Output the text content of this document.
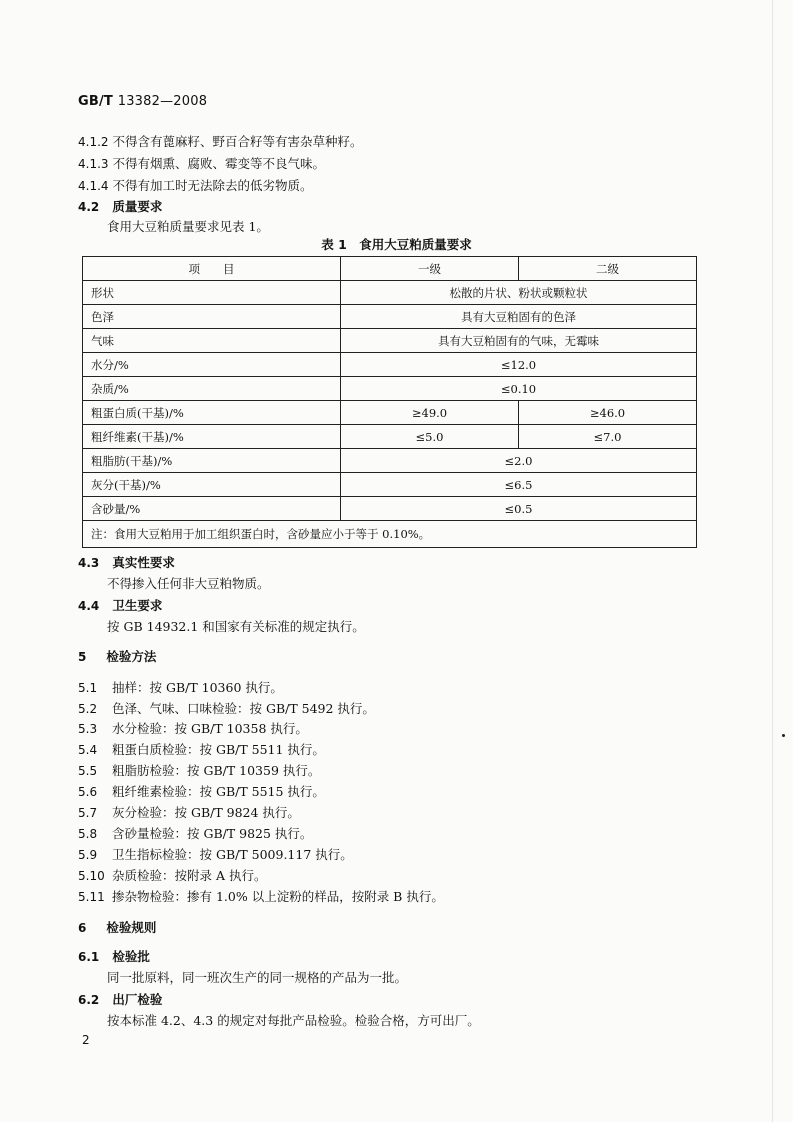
GB/T 13382—2008
4.1.2 不得含有蓖麻籽、野百合籽等有害杂草种籽。
4.1.3 不得有烟熏、腐败、霉变等不良气味。
4.1.4 不得有加工时无法除去的低劣物质。
4.2 质量要求
食用大豆粕质量要求见表 1。
表 1　食用大豆粕质量要求
项　　目	一级	二级
形状	松散的片状、粉状或颗粒状	
色泽	具有大豆粕固有的色泽	
气味	具有大豆粕固有的气味，无霉味	
水分/%	≤12.0	
杂质/%	≤0.10	
粗蛋白质(干基)/%	≥49.0	≥46.0
粗纤维素(干基)/%	≤5.0	≤7.0
粗脂肪(干基)/%	≤2.0	
灰分(干基)/%	≤6.5	
含砂量/%	≤0.5	
注：食用大豆粕用于加工组织蛋白时，含砂量应小于等于 0.10%。		
4.3 真实性要求
不得掺入任何非大豆粕物质。
4.4 卫生要求
按 GB 14932.1 和国家有关标准的规定执行。
5 检验方法
5.1 抽样：按 GB/T 10360 执行。
5.2 色泽、气味、口味检验：按 GB/T 5492 执行。
5.3 水分检验：按 GB/T 10358 执行。
5.4 粗蛋白质检验：按 GB/T 5511 执行。
5.5 粗脂肪检验：按 GB/T 10359 执行。
5.6 粗纤维素检验：按 GB/T 5515 执行。
5.7 灰分检验：按 GB/T 9824 执行。
5.8 含砂量检验：按 GB/T 9825 执行。
5.9 卫生指标检验：按 GB/T 5009.117 执行。
5.10 杂质检验：按附录 A 执行。
5.11 掺杂物检验：掺有 1.0% 以上淀粉的样品，按附录 B 执行。
6 检验规则
6.1 检验批
同一批原料，同一班次生产的同一规格的产品为一批。
6.2 出厂检验
按本标准 4.2、4.3 的规定对每批产品检验。检验合格，方可出厂。
2
